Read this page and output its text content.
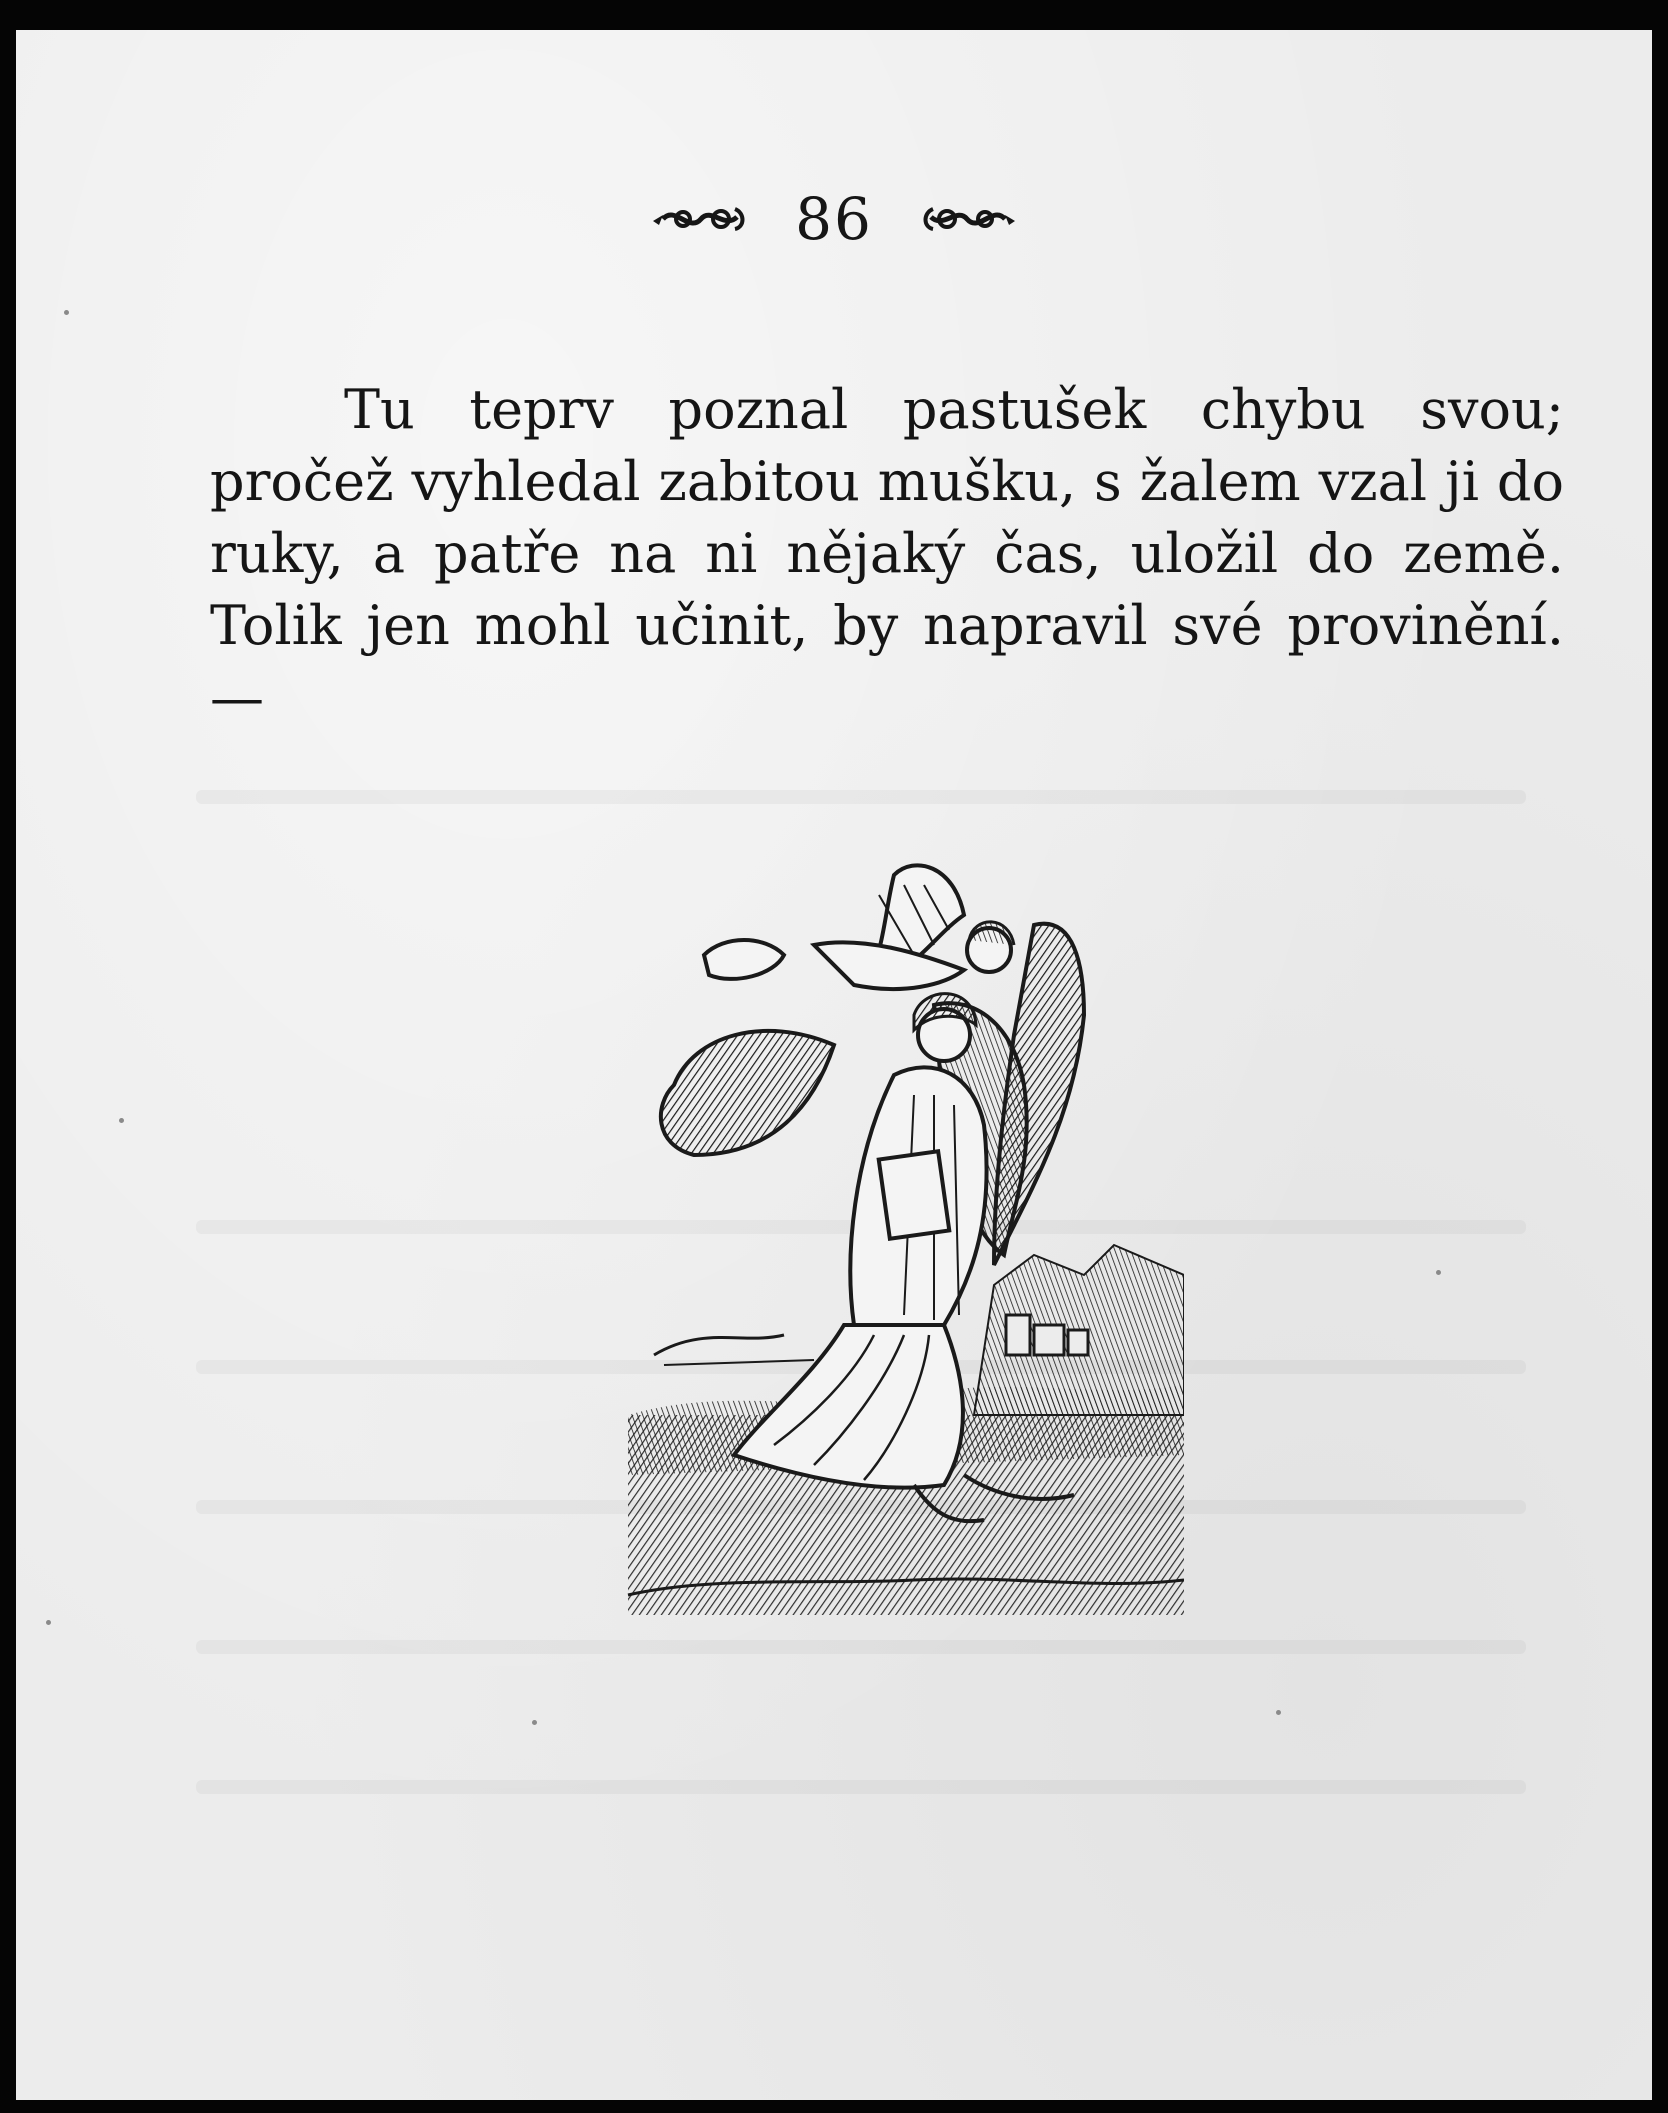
86

Tu teprv poznal pastušek chybu svou; pročež vyhledal zabitou mušku, s žalem vzal ji do ruky, a patře na ni nějaký čas, uložil do země. Tolik jen mohl učinit, by napravil své provinění. —
